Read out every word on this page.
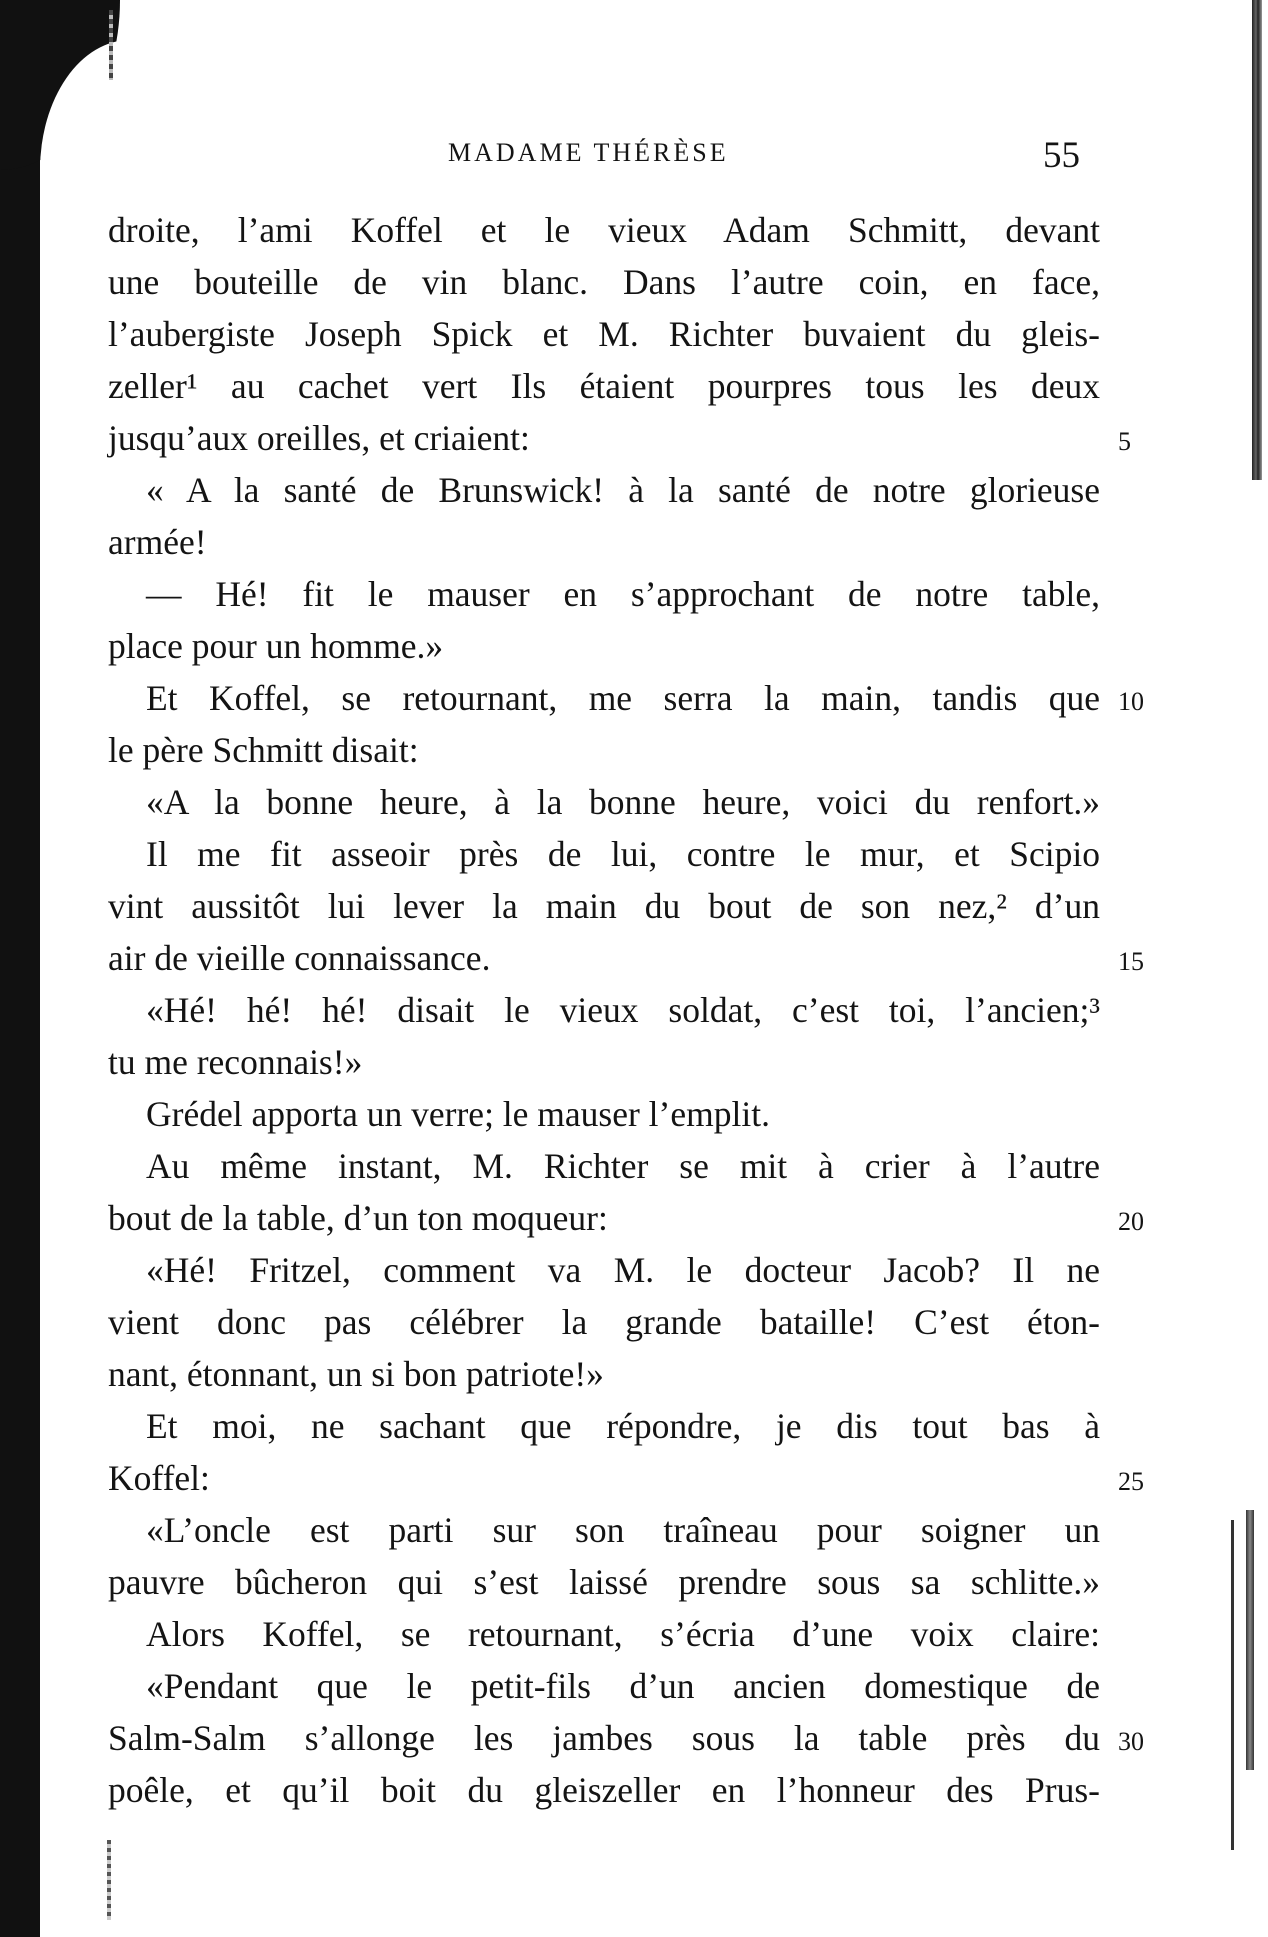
MADAME THÉRÈSE	55
droite, l’ami Koffel et le vieux Adam Schmitt, devant
une bouteille de vin blanc. Dans l’autre coin, en face,
l’aubergiste Joseph Spick et M. Richter buvaient du gleis-
zeller¹ au cachet vert Ils étaient pourpres tous les deux
jusqu’aux oreilles, et criaient:
« A la santé de Brunswick! à la santé de notre glorieuse
armée!
— Hé! fit le mauser en s’approchant de notre table,
place pour un homme.»
Et Koffel, se retournant, me serra la main, tandis que
le père Schmitt disait:
«A la bonne heure, à la bonne heure, voici du renfort.»
Il me fit asseoir près de lui, contre le mur, et Scipio
vint aussitôt lui lever la main du bout de son nez,² d’un
air de vieille connaissance.
«Hé! hé! hé! disait le vieux soldat, c’est toi, l’ancien;³
tu me reconnais!»
Grédel apporta un verre; le mauser l’emplit.
Au même instant, M. Richter se mit à crier à l’autre
bout de la table, d’un ton moqueur:
«Hé! Fritzel, comment va M. le docteur Jacob? Il ne
vient donc pas célébrer la grande bataille! C’est éton-
nant, étonnant, un si bon patriote!»
Et moi, ne sachant que répondre, je dis tout bas à
Koffel:
«L’oncle est parti sur son traîneau pour soigner un
pauvre bûcheron qui s’est laissé prendre sous sa schlitte.»
Alors Koffel, se retournant, s’écria d’une voix claire:
«Pendant que le petit-fils d’un ancien domestique de
Salm-Salm s’allonge les jambes sous la table près du
poêle, et qu’il boit du gleiszeller en l’honneur des Prus-
5
10
15
20
25
30
